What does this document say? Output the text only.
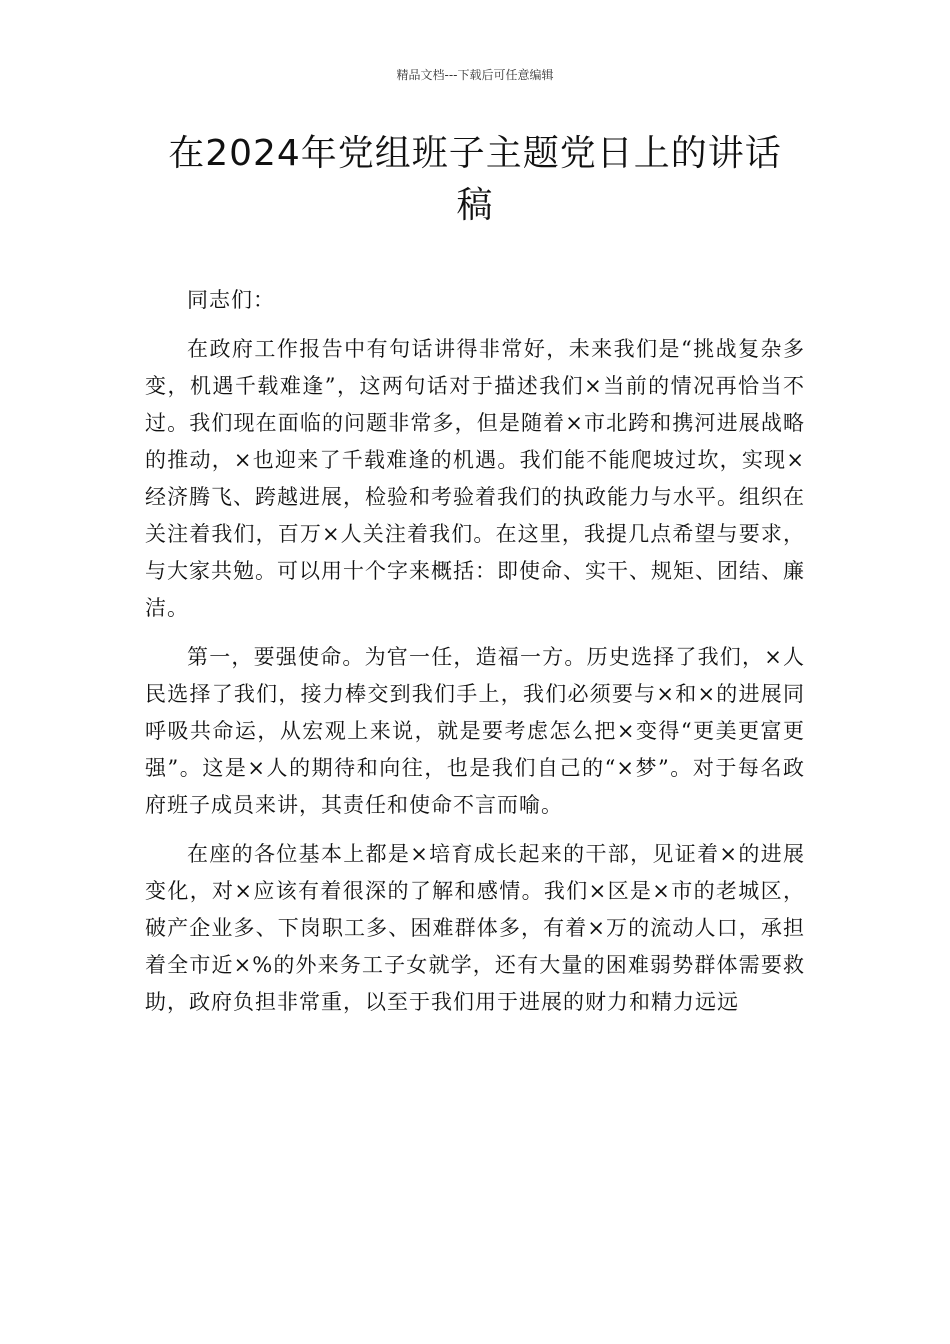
精品文档---下载后可任意编辑
在2024年党组班子主题党日上的讲话稿

同志们：

在政府工作报告中有句话讲得非常好，未来我们是“挑战复杂多变，机遇千载难逢”，这两句话对于描述我们×当前的情况再恰当不过。我们现在面临的问题非常多，但是随着×市北跨和携河进展战略的推动，×也迎来了千载难逢的机遇。我们能不能爬坡过坎，实现×经济腾飞、跨越进展，检验和考验着我们的执政能力与水平。组织在关注着我们，百万×人关注着我们。在这里，我提几点希望与要求，与大家共勉。可以用十个字来概括：即使命、实干、规矩、团结、廉洁。

第一，要强使命。为官一任，造福一方。历史选择了我们，×人民选择了我们，接力棒交到我们手上，我们必须要与×和×的进展同呼吸共命运，从宏观上来说，就是要考虑怎么把×变得“更美更富更强”。这是×人的期待和向往，也是我们自己的“×梦”。对于每名政府班子成员来讲，其责任和使命不言而喻。

在座的各位基本上都是×培育成长起来的干部，见证着×的进展变化，对×应该有着很深的了解和感情。我们×区是×市的老城区，破产企业多、下岗职工多、困难群体多，有着×万的流动人口，承担着全市近×%的外来务工子女就学，还有大量的困难弱势群体需要救助，政府负担非常重，以至于我们用于进展的财力和精力远远
